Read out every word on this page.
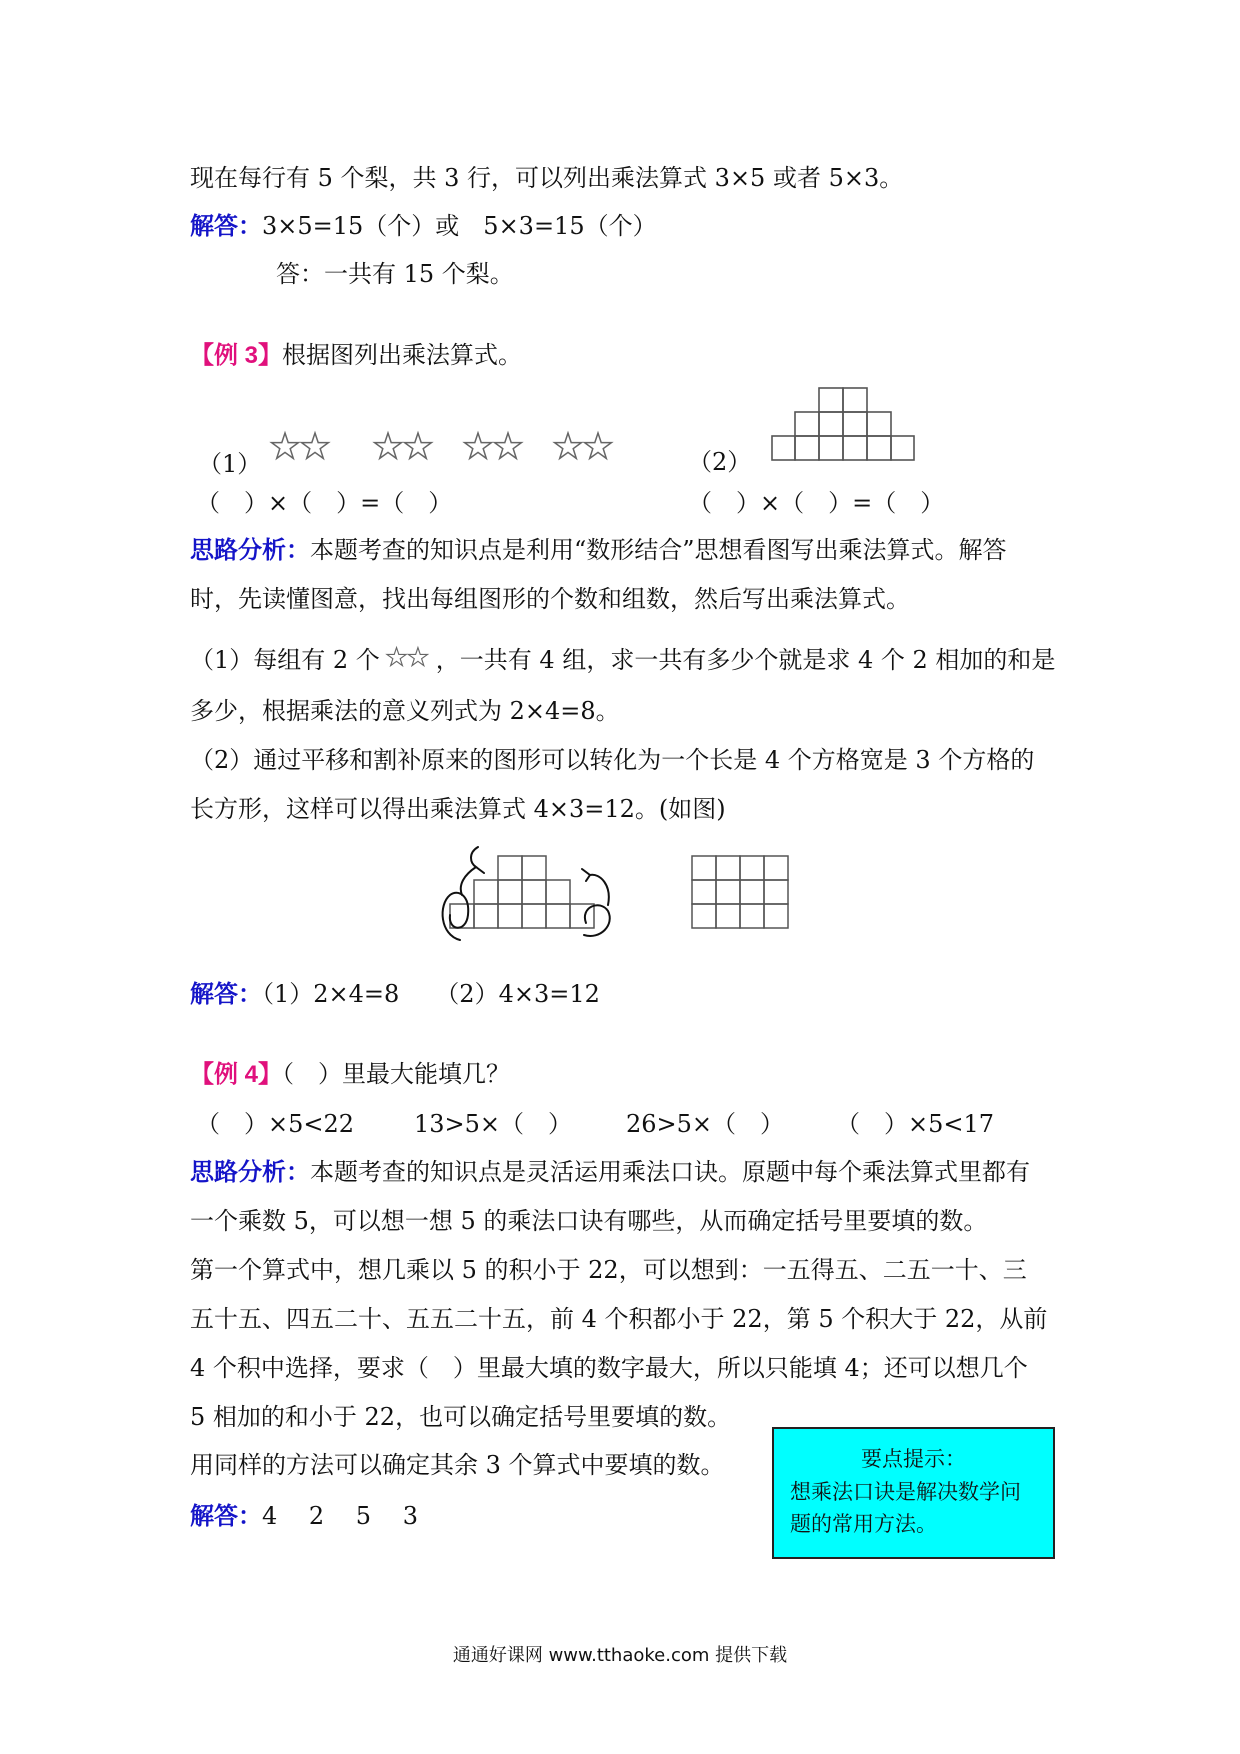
现在每行有 5 个梨，共 3 行，可以列出乘法算式 3×5 或者 5×3。
解答：3×5=15（个）或　5×3=15（个）
答：一共有 15 个梨。
【例 3】根据图列出乘法算式。
（1）	（2）
（　）×（　）=（　）	（　）×（　）=（　）
思路分析：本题考查的知识点是利用“数形结合”思想看图写出乘法算式。解答
时，先读懂图意，找出每组图形的个数和组数，然后写出乘法算式。
（1）每组有 2 个 ，一共有 4 组，求一共有多少个就是求 4 个 2 相加的和是
多少，根据乘法的意义列式为 2×4=8。
（2）通过平移和割补原来的图形可以转化为一个长是 4 个方格宽是 3 个方格的
长方形，这样可以得出乘法算式 4×3=12。(如图)
解答：（1）2×4=8　　（2）4×3=12
【例 4】（　）里最大能填几？
（　）×5<22 13>5×（　） 26>5×（　） （　）×5<17
思路分析：本题考查的知识点是灵活运用乘法口诀。原题中每个乘法算式里都有
一个乘数 5，可以想一想 5 的乘法口诀有哪些，从而确定括号里要填的数。
第一个算式中，想几乘以 5 的积小于 22，可以想到：一五得五、二五一十、三
五十五、四五二十、五五二十五，前 4 个积都小于 22，第 5 个积大于 22，从前
4 个积中选择，要求（　）里最大填的数字最大，所以只能填 4；还可以想几个
5 相加的和小于 22，也可以确定括号里要填的数。
用同样的方法可以确定其余 3 个算式中要填的数。
解答：4　 2　 5　 3
要点提示：
想乘法口诀是解决数学问
题的常用方法。
通通好课网 www.tthaoke.com 提供下载
